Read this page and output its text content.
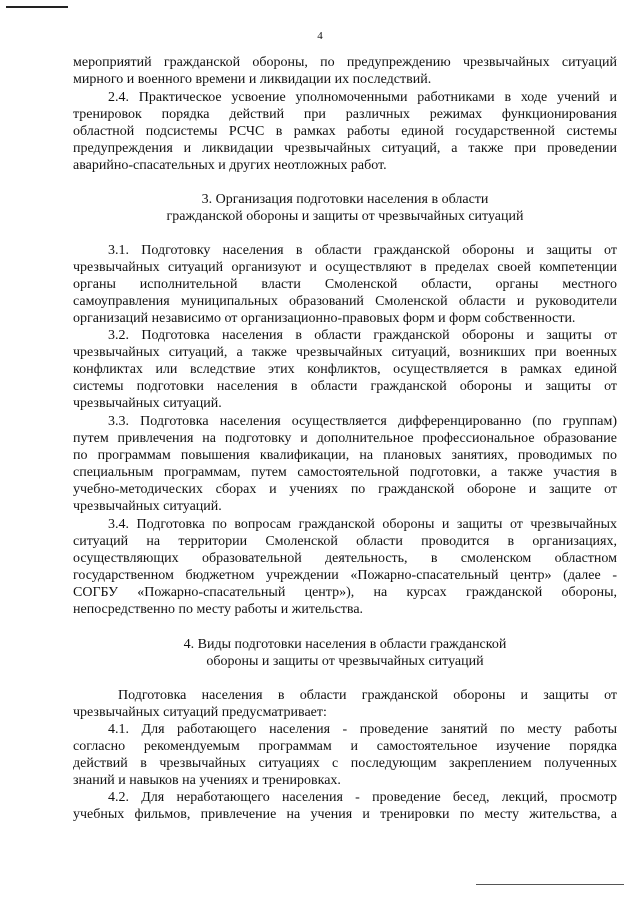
4
мероприятий гражданской обороны, по предупреждению чрезвычайных ситуаций
мирного и военного времени и ликвидации их последствий.
2.4. Практическое усвоение уполномоченными работниками в ходе учений и
тренировок порядка действий при различных режимах функционирования
областной подсистемы РСЧС в рамках работы единой государственной системы
предупреждения и ликвидации чрезвычайных ситуаций, а также при проведении
аварийно-спасательных и других неотложных работ.
3. Организация подготовки населения в области
гражданской обороны и защиты от чрезвычайных ситуаций
3.1. Подготовку населения в области гражданской обороны и защиты от
чрезвычайных ситуаций организуют и осуществляют в пределах своей компетенции
органы исполнительной власти Смоленской области, органы местного
самоуправления муниципальных образований Смоленской области и руководители
организаций независимо от организационно-правовых форм и форм собственности.
3.2. Подготовка населения в области гражданской обороны и защиты от
чрезвычайных ситуаций, а также чрезвычайных ситуаций, возникших при военных
конфликтах или вследствие этих конфликтов, осуществляется в рамках единой
системы подготовки населения в области гражданской обороны и защиты от
чрезвычайных ситуаций.
3.3. Подготовка населения осуществляется дифференцированно (по группам)
путем привлечения на подготовку и дополнительное профессиональное образование
по программам повышения квалификации, на плановых занятиях, проводимых по
специальным программам, путем самостоятельной подготовки, а также участия в
учебно-методических сборах и учениях по гражданской обороне и защите от
чрезвычайных ситуаций.
3.4. Подготовка по вопросам гражданской обороны и защиты от чрезвычайных
ситуаций на территории Смоленской области проводится в организациях,
осуществляющих образовательной деятельность, в смоленском областном
государственном бюджетном учреждении «Пожарно-спасательный центр» (далее -
СОГБУ «Пожарно-спасательный центр»), на курсах гражданской обороны,
непосредственно по месту работы и жительства.
4. Виды подготовки населения в области гражданской
обороны и защиты от чрезвычайных ситуаций
Подготовка населения в области гражданской обороны и защиты от
чрезвычайных ситуаций предусматривает:
4.1. Для работающего населения - проведение занятий по месту работы
согласно рекомендуемым программам и самостоятельное изучение порядка
действий в чрезвычайных ситуациях с последующим закреплением полученных
знаний и навыков на учениях и тренировках.
4.2. Для неработающего населения - проведение бесед, лекций, просмотр
учебных фильмов, привлечение на учения и тренировки по месту жительства, а
